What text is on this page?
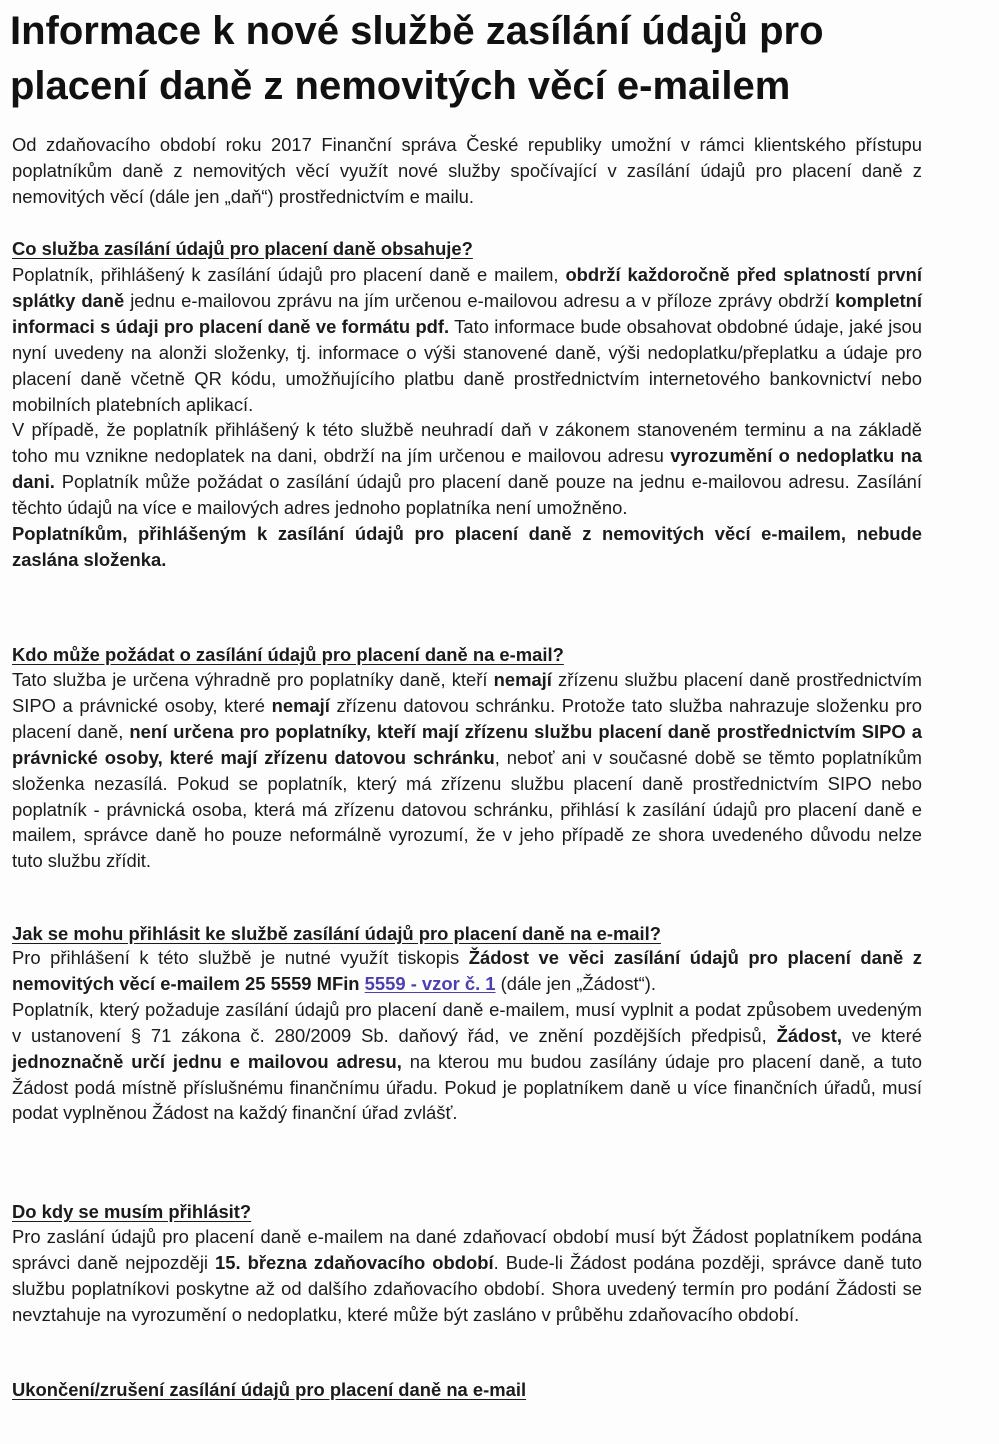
Informace k nové službě zasílání údajů pro
placení daně z nemovitých věcí e-mailem

Od zdaňovacího období roku 2017 Finanční správa České republiky umožní v rámci klientského přístupu poplatníkům daně z nemovitých věcí využít nové služby spočívající v zasílání údajů pro placení daně z nemovitých věcí (dále jen „daň“) prostřednictvím e mailu.

Co služba zasílání údajů pro placení daně obsahuje?
Poplatník, přihlášený k zasílání údajů pro placení daně e mailem, obdrží každoročně před splatností první splátky daně jednu e-mailovou zprávu na jím určenou e-mailovou adresu a v příloze zprávy obdrží kompletní informaci s údaji pro placení daně ve formátu pdf. Tato informace bude obsahovat obdobné údaje, jaké jsou nyní uvedeny na alonži složenky, tj. informace o výši stanovené daně, výši nedoplatku/přeplatku a údaje pro placení daně včetně QR kódu, umožňujícího platbu daně prostřednictvím internetového bankovnictví nebo mobilních platebních aplikací.
V případě, že poplatník přihlášený k této službě neuhradí daň v zákonem stanoveném terminu a na základě toho mu vznikne nedoplatek na dani, obdrží na jím určenou e mailovou adresu vyrozumění o nedoplatku na dani. Poplatník může požádat o zasílání údajů pro placení daně pouze na jednu e-mailovou adresu. Zasílání těchto údajů na více e mailových adres jednoho poplatníka není umožněno.
Poplatníkům, přihlášeným k zasílání údajů pro placení daně z nemovitých věcí e-mailem, nebude zaslána složenka.
Kdo může požádat o zasílání údajů pro placení daně na e-mail?
Tato služba je určena výhradně pro poplatníky daně, kteří nemají zřízenu službu placení daně prostřednictvím SIPO a právnické osoby, které nemají zřízenu datovou schránku. Protože tato služba nahrazuje složenku pro placení daně, není určena pro poplatníky, kteří mají zřízenu službu placení daně prostřednictvím SIPO a právnické osoby, které mají zřízenu datovou schránku, neboť ani v současné době se těmto poplatníkům složenka nezasílá. Pokud se poplatník, který má zřízenu službu placení daně prostřednictvím SIPO nebo poplatník - právnická osoba, která má zřízenu datovou schránku, přihlásí k zasílání údajů pro placení daně e mailem, správce daně ho pouze neformálně vyrozumí, že v jeho případě ze shora uvedeného důvodu nelze tuto službu zřídit.
Jak se mohu přihlásit ke službě zasílání údajů pro placení daně na e-mail?
Pro přihlášení k této službě je nutné využít tiskopis Žádost ve věci zasílání údajů pro placení daně z nemovitých věcí e-mailem 25 5559 MFin 5559 - vzor č. 1 (dále jen „Žádost“).
Poplatník, který požaduje zasílání údajů pro placení daně e-mailem, musí vyplnit a podat způsobem uvedeným v ustanovení § 71 zákona č. 280/2009 Sb. daňový řád, ve znění pozdějších předpisů, Žádost, ve které jednoznačně určí jednu e mailovou adresu, na kterou mu budou zasílány údaje pro placení daně, a tuto Žádost podá místně příslušnému finančnímu úřadu. Pokud je poplatníkem daně u více finančních úřadů, musí podat vyplněnou Žádost na každý finanční úřad zvlášť.
Do kdy se musím přihlásit?
Pro zaslání údajů pro placení daně e-mailem na dané zdaňovací období musí být Žádost poplatníkem podána správci daně nejpozději 15. března zdaňovacího období. Bude-li Žádost podána později, správce daně tuto službu poplatníkovi poskytne až od dalšího zdaňovacího období. Shora uvedený termín pro podání Žádosti se nevztahuje na vyrozumění o nedoplatku, které může být zasláno v průběhu zdaňovacího období.
Ukončení/zrušení zasílání údajů pro placení daně na e-mail
